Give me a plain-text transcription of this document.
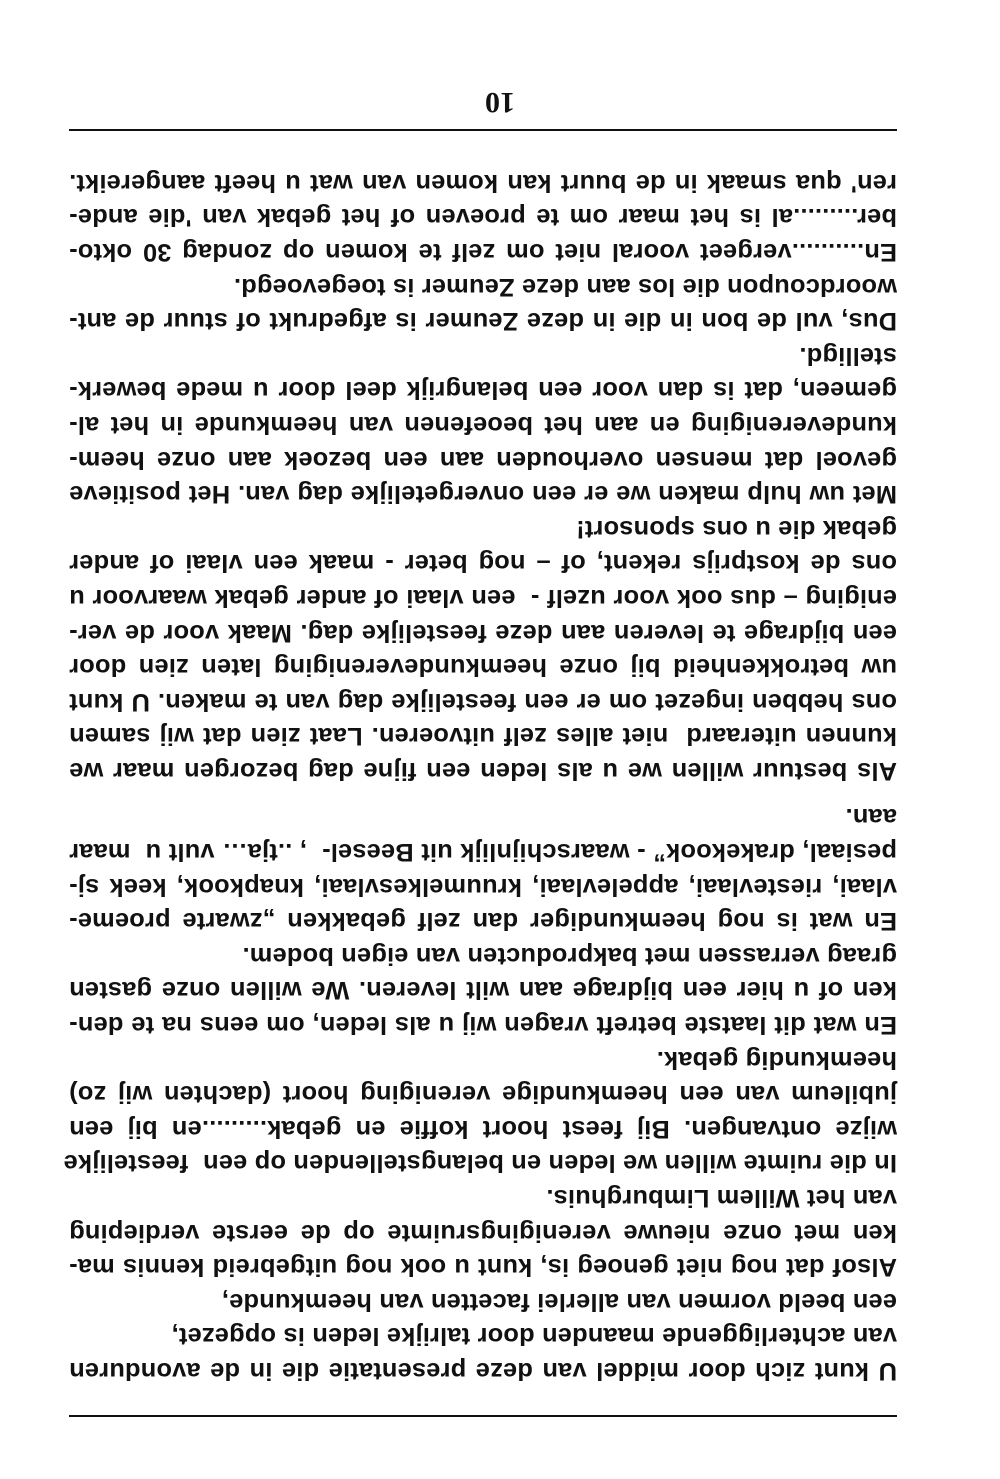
U kunt zich door middel van deze presentatie die in de avonduren
van achterliggende maanden door talrijke leden is opgezet,
een beeld vormen van allerlei facetten van heemkunde,
Alsof dat nog niet genoeg is, kunt u ook nog uitgebreid kennis ma-
ken met onze nieuwe verenigingsruimte op de eerste verdieping
van het Willem Limburghuis.

In die ruimte willen we leden en belangstellenden op een  feestelijke
wijze ontvangen. Bij feest hoort koffie en gebak.........en bij een
jubileum van een heemkundige vereniging hoort (dachten wij zo)
heemkundig gebak.

En wat dit laatste betreft vragen wij u als leden, om eens na te den-
ken of u hier een bijdrage aan wilt leveren. We willen onze gasten
graag verrassen met bakproducten van eigen bodem.

En wat is nog heemkundiger dan zelf gebakken „zwarte proeme-
vlaai, riestevlaai, appelevlaai, kruumelkesvlaai, knapkook, keek sj-
pesiaal, drakekook” - waarschijnlijk uit Beesel-  , ..tja… vult u  maar
aan.

Als bestuur willen we u als leden een fijne dag bezorgen maar we
kunnen uiteraard  niet alles zelf uitvoeren. Laat zien dat wij samen
ons hebben ingezet om er een feestelijke dag van te maken. U kunt
uw betrokkenheid bij onze heemkundevereniging laten zien door
een bijdrage te leveren aan deze feestelijke dag. Maak voor de ver-
eniging – dus ook voor uzelf -  een vlaai of ander gebak waarvoor u
ons de kostprijs rekent, of – nog beter - maak een vlaai of ander
gebak die u ons sponsort!

Met uw hulp maken we er een onvergetelijke dag van. Het positieve
gevoel dat mensen overhouden aan een bezoek aan onze heem-
kundevereniging en aan het beoefenen van heemkunde in het al-
gemeen, dat is dan voor een belangrijk deel door u mede bewerk-
stelligd.

Dus, vul de bon in die in deze Zeumer is afgedrukt of stuur de ant-
woordcoupon die los aan deze Zeumer is toegevoegd.
En..........vergeet vooral niet om zelf te komen op zondag 30 okto-
ber.........al is het maar om te proeven of het gebak van 'die ande-
ren' qua smaak in de buurt kan komen van wat u heeft aangereikt.

10
